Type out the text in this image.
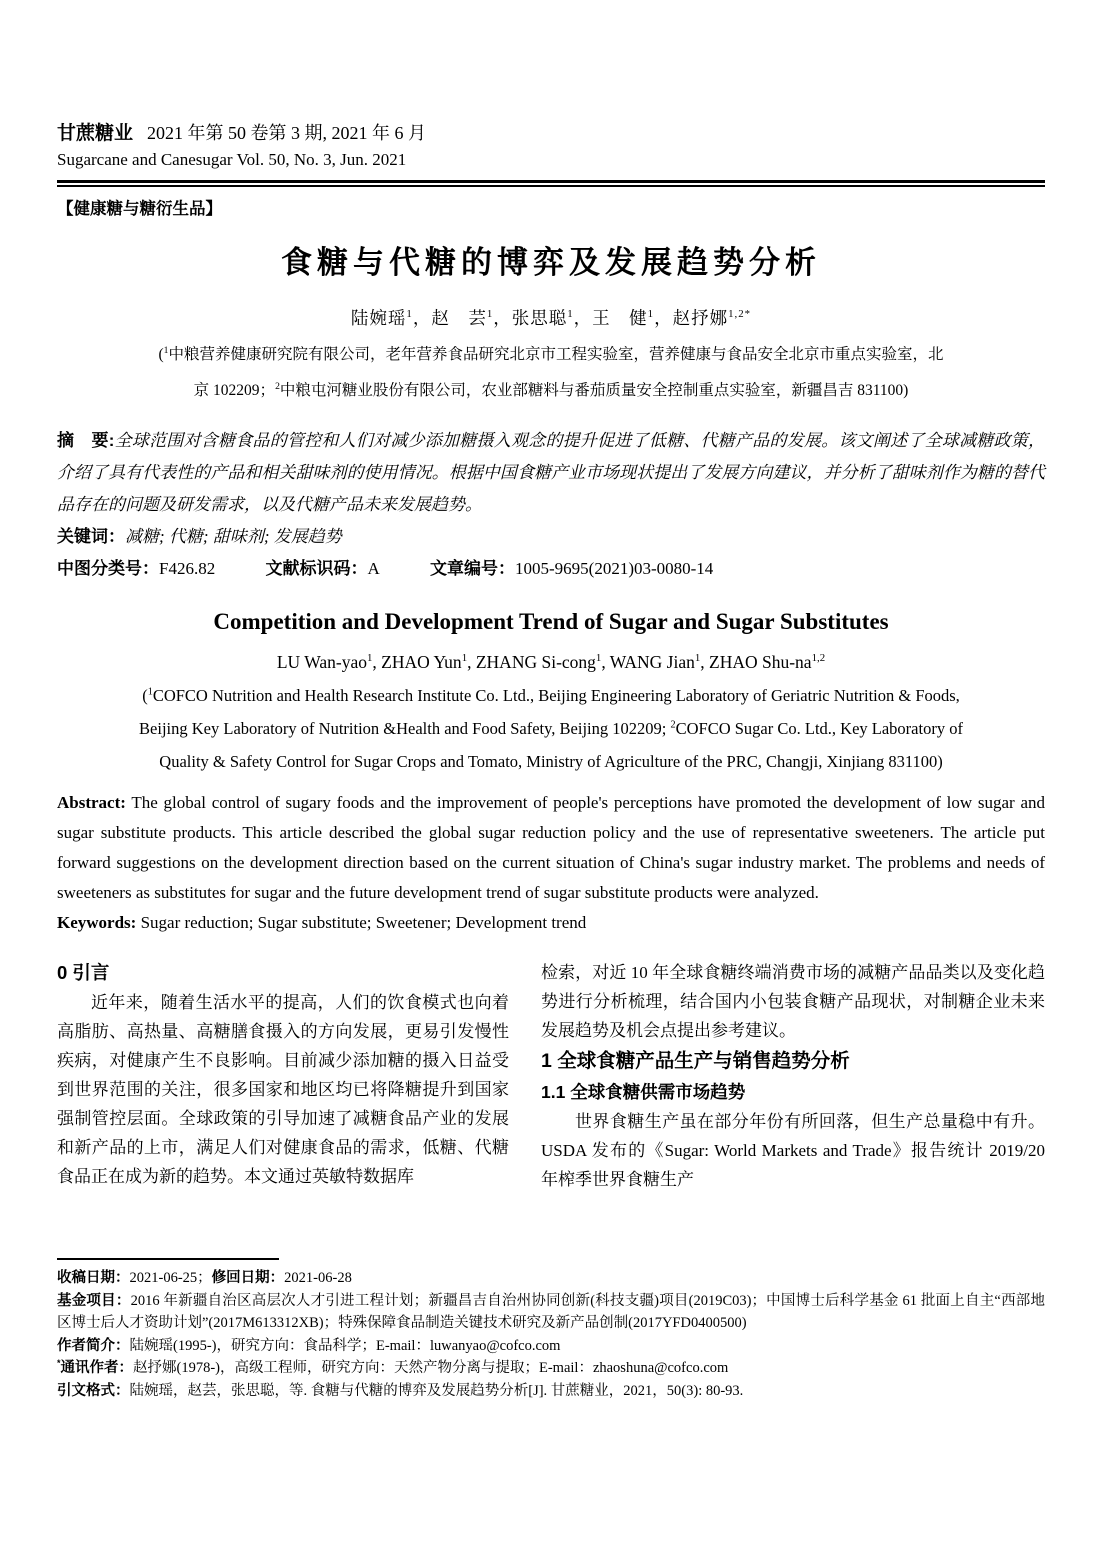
甘蔗糖业 2021 年第 50 卷第 3 期, 2021 年 6 月
Sugarcane and Canesugar Vol. 50, No. 3, Jun. 2021
【健康糖与糖衍生品】
食糖与代糖的博弈及发展趋势分析
陆婉瑶$^1$，赵　芸$^1$，张思聪$^1$，王　健$^1$，赵抒娜$^{1,2*}$
($^1$中粮营养健康研究院有限公司，老年营养食品研究北京市工程实验室，营养健康与食品安全北京市重点实验室，北
京 102209；$^2$中粮屯河糖业股份有限公司，农业部糖料与番茄质量安全控制重点实验室，新疆昌吉 831100)

摘　要:全球范围对含糖食品的管控和人们对减少添加糖摄入观念的提升促进了低糖、代糖产品的发展。该文阐述了全球减糖政策，介绍了具有代表性的产品和相关甜味剂的使用情况。根据中国食糖产业市场现状提出了发展方向建议，并分析了甜味剂作为糖的替代品存在的问题及研发需求，以及代糖产品未来发展趋势。

关键词：减糖; 代糖; 甜味剂; 发展趋势

中图分类号：F426.82	文献标识码：A	文章编号：1005-9695(2021)03-0080-14

Competition and Development Trend of Sugar and Sugar Substitutes
LU Wan-yao$^1$, ZHAO Yun$^1$, ZHANG Si-cong$^1$, WANG Jian$^1$, ZHAO Shu-na$^{1,2}$
($^1$COFCO Nutrition and Health Research Institute Co. Ltd., Beijing Engineering Laboratory of Geriatric Nutrition & Foods,
Beijing Key Laboratory of Nutrition &Health and Food Safety, Beijing 102209; $^2$COFCO Sugar Co. Ltd., Key Laboratory of
Quality & Safety Control for Sugar Crops and Tomato, Ministry of Agriculture of the PRC, Changji, Xinjiang 831100)

Abstract: The global control of sugary foods and the improvement of people's perceptions have promoted the development of low sugar and sugar substitute products. This article described the global sugar reduction policy and the use of representative sweeteners. The article put forward suggestions on the development direction based on the current situation of China's sugar industry market. The problems and needs of sweeteners as substitutes for sugar and the future development trend of sugar substitute products were analyzed.

Keywords: Sugar reduction; Sugar substitute; Sweetener; Development trend

0 引言

近年来，随着生活水平的提高，人们的饮食模式也向着高脂肪、高热量、高糖膳食摄入的方向发展，更易引发慢性疾病，对健康产生不良影响。目前减少添加糖的摄入日益受到世界范围的关注，很多国家和地区均已将降糖提升到国家强制管控层面。全球政策的引导加速了减糖食品产业的发展和新产品的上市，满足人们对健康食品的需求，低糖、代糖食品正在成为新的趋势。本文通过英敏特数据库

检索，对近 10 年全球食糖终端消费市场的减糖产品品类以及变化趋势进行分析梳理，结合国内小包装食糖产品现状，对制糖企业未来发展趋势及机会点提出参考建议。

1 全球食糖产品生产与销售趋势分析
1.1 全球食糖供需市场趋势

世界食糖生产虽在部分年份有所回落，但生产总量稳中有升。USDA 发布的《Sugar: World Markets and Trade》报告统计 2019/20 年榨季世界食糖生产

收稿日期：2021-06-25；修回日期：2021-06-28
基金项目：2016 年新疆自治区高层次人才引进工程计划；新疆昌吉自治州协同创新(科技支疆)项目(2019C03)；中国博士后科学基金 61 批面上自主“西部地区博士后人才资助计划”(2017M613312XB)；特殊保障食品制造关键技术研究及新产品创制(2017YFD0400500)
作者简介：陆婉瑶(1995-)，研究方向：食品科学；E-mail：luwanyao@cofco.com
*通讯作者：赵抒娜(1978-)，高级工程师，研究方向：天然产物分离与提取；E-mail：zhaoshuna@cofco.com
引文格式：陆婉瑶，赵芸，张思聪，等. 食糖与代糖的博弈及发展趋势分析[J]. 甘蔗糖业，2021，50(3): 80-93.
